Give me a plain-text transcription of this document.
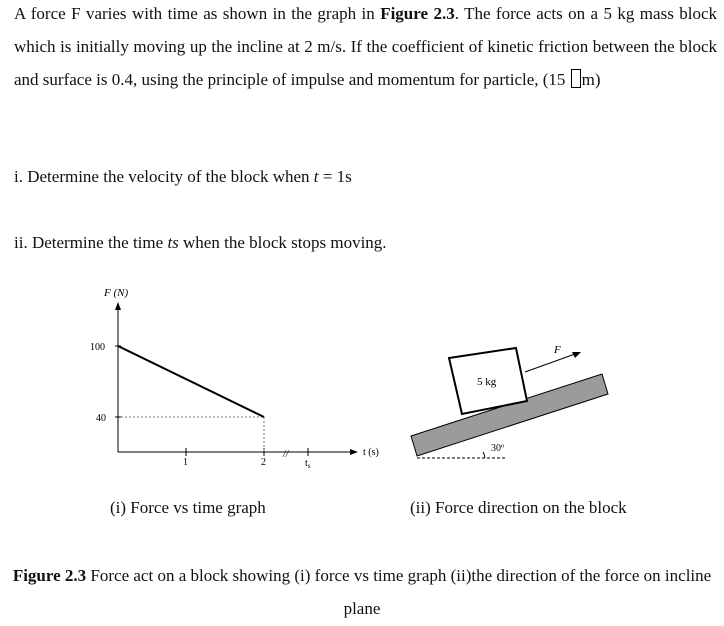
A force F varies with time as shown in the graph in Figure 2.3. The force acts on a 5 kg mass block which is initially moving up the incline at 2 m/s. If the coefficient of kinetic friction between the block and surface is 0.4, using the principle of impulse and momentum for particle, (15 m)

i. Determine the velocity of the block when t = 1s

ii. Determine the time ts when the block stops moving.

F (N)
t (s)
100
40
1	2
//
$t_s$
(i) Force vs time graph
30º
5 kg
F
(ii) Force direction on the block
Figure 2.3 Force act on a block showing (i) force vs time graph (ii)the direction of the force on incline plane
